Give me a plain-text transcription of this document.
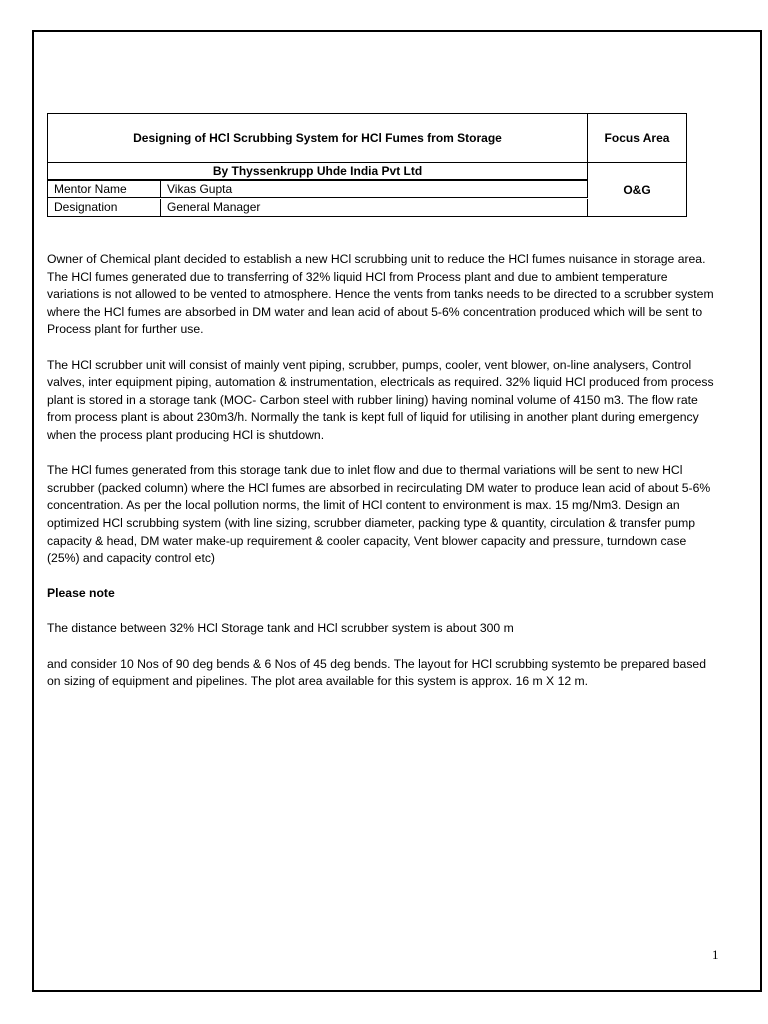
Designing of HCl Scrubbing System for HCl Fumes from Storage	Focus Area
By Thyssenkrupp Uhde India Pvt Ltd
O&G
Mentor Name	Vikas Gupta
Designation	General Manager

Owner of Chemical plant decided to establish a new HCl scrubbing unit to reduce the HCl fumes nuisance in storage area. The HCl fumes generated due to transferring of 32% liquid HCl from Process plant and due to ambient temperature variations is not allowed to be vented to atmosphere. Hence the vents from tanks needs to be directed to a scrubber system where the HCl fumes are absorbed in DM water and lean acid of about 5-6% concentration produced which will be sent to Process plant for further use.

The HCl scrubber unit will consist of mainly vent piping, scrubber, pumps, cooler, vent blower, on-line analysers, Control valves, inter equipment piping, automation & instrumentation, electricals as required. 32% liquid HCl produced from process plant is stored in a storage tank (MOC- Carbon steel with rubber lining) having nominal volume of 4150 m3. The flow rate from process plant is about 230m3/h. Normally the tank is kept full of liquid for utilising in another plant during emergency when the process plant producing HCl is shutdown.

The HCl fumes generated from this storage tank due to inlet flow and due to thermal variations will be sent to new HCl scrubber (packed column) where the HCl fumes are absorbed in recirculating DM water to produce lean acid of about 5-6% concentration. As per the local pollution norms, the limit of HCl content to environment is max. 15 mg/Nm3. Design an optimized HCl scrubbing system (with line sizing, scrubber diameter, packing type & quantity, circulation & transfer pump capacity & head, DM water make-up requirement & cooler capacity, Vent blower capacity and pressure, turndown case (25%) and capacity control etc)

Please note

The distance between 32% HCl Storage tank and HCl scrubber system is about 300 m

and consider 10 Nos of 90 deg bends & 6 Nos of 45 deg bends. The layout for HCl scrubbing systemto be prepared based on sizing of equipment and pipelines. The plot area available for this system is approx. 16 m X 12 m.

1
